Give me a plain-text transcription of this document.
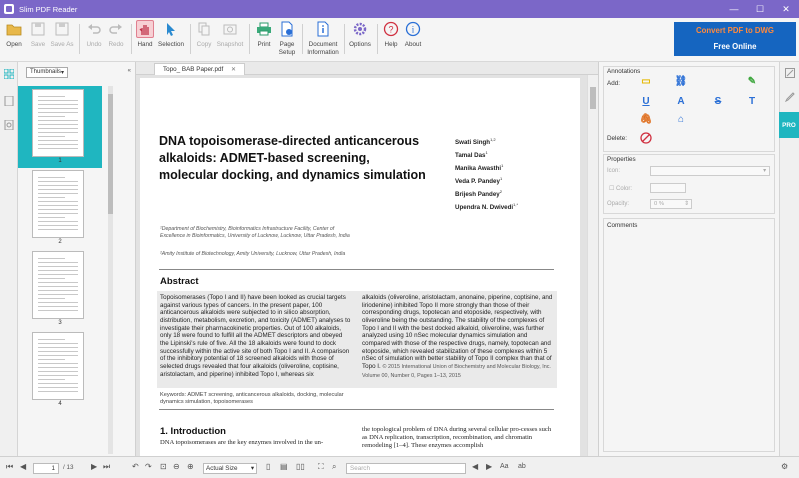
Slim PDF Reader	—	☐	✕
Open	Save Save As	Undo	Redo	Hand Selection	Copy Snapshot	Print	Page
Setup
Document
Information
Options
?
Help
i
About
Convert PDF to DWG
Free Online
Thumbnails ▾	«
1
2
3
4
Topo_ BAB Paper.pdf ✕
DNA topoisomerase-directed anticancerous alkaloids: ADMET-based screening, molecular docking, and dynamics simulation
Swati Singh$^{1,2}$
Tamal Das$^1$
Manika Awasthi$^1$
Veda P. Pandey$^1$
Brijesh Pandey$^2$
Upendra N. Dwivedi$^{1,*}$
¹Department of Biochemistry, Bioinformatics Infrastructure Facility, Center of Excellence in Bioinformatics, University of Lucknow, Lucknow, Uttar Pradesh, India
²Amity Institute of Biotechnology, Amity University, Lucknow, Uttar Pradesh, India
Abstract
Topoisomerases (Topo I and II) have been looked as crucial targets against various types of cancers. In the present paper, 100 anticancerous alkaloids were subjected to in silico absorption, distribution, metabolism, excretion, and toxicity (ADMET) analyses to investigate their pharmacokinetic properties. Out of 100 alkaloids, only 18 were found to fulfill all the ADMET descriptors and obeyed the Lipinski's rule of five. All the 18 alkaloids were found to dock successfully within the active site of both Topo I and II. A comparison of the inhibitory potential of 18 screened alkaloids with those of selected drugs revealed that four alkaloids (oliveroline, coptisine, aristolactam, and piperine) inhibited Topo I, whereas six
alkaloids (oliveroline, aristolactam, anonaine, piperine, coptisine, and liriodenine) inhibited Topo II more strongly than those of their corresponding drugs, topotecan and etoposide, respectively, with oliveroline being the outstanding. The stability of the complexes of Topo I and II with the best docked alkaloid, oliveroline, was further analyzed using 10 nSec molecular dynamics simulation and compared with those of the respective drugs, namely, topotecan and etoposide, which revealed stabilization of these complexes within 5 nSec of simulation with better stability of Topo II complex than that of Topo I. © 2015 International Union of Biochemistry and Molecular Biology, Inc. Volume 00, Number 0, Pages 1–13, 2015
Keywords: ADMET screening, anticancerous alkaloids, docking, molecular dynamics simulation, topoisomerases
1. Introduction
DNA topoisomerases are the key enzymes involved in the un-
the topological problem of DNA during several cellular pro-cesses such as DNA replication, transcription, recombination, and chromatin remodeling [1–4]. These enzymes accomplish
Annotations
Add:
Delete:
▭ ⛓	✎
U	A	S	T
🖇	⌂
Properties
Icon:	▾
☐ Color:
Opacity:	0 %	⇕
Comments
PRO
⏮ ◀	1	/ 13 ▶ ⏭	↶ ↷ ⊡ ⊖ ⊕	Actual Size ▾ ▯ ▤ ▯▯ ⛶ ⌕	Search	◀ ▶ Aa ab	⚙
